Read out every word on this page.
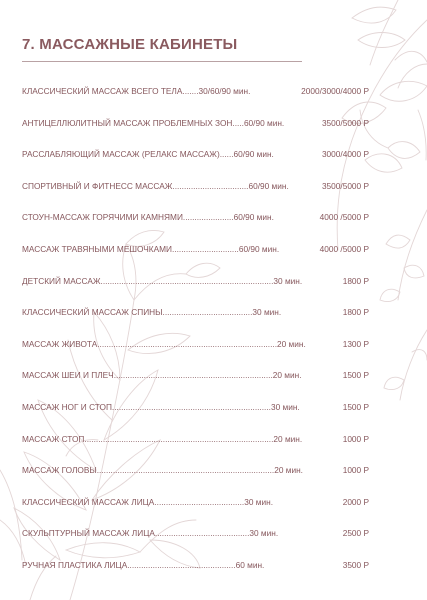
7. МАССАЖНЫЕ КАБИНЕТЫ
КЛАССИЧЕСКИЙ МАССАЖ ВСЕГО ТЕЛА.......30/60/90 мин.	2000/3000/4000 Р
АНТИЦЕЛЛЮЛИТНЫЙ МАССАЖ ПРОБЛЕМНЫХ ЗОН.....60/90 мин.	3500/5000 Р
РАССЛАБЛЯЮЩИЙ МАССАЖ (РЕЛАКС МАССАЖ)......60/90 мин.	3000/4000 Р
СПОРТИВНЫЙ И ФИТНЕСС МАССАЖ.................................60/90 мин.	3500/5000 Р
СТОУН-МАССАЖ ГОРЯЧИМИ КАМНЯМИ......................60/90 мин.	4000 /5000 Р
МАССАЖ ТРАВЯНЫМИ МЕШОЧКАМИ.............................60/90 мин.	4000 /5000 Р
ДЕТСКИЙ МАССАЖ...........................................................................30 мин.	1800 Р
КЛАССИЧЕСКИЙ МАССАЖ СПИНЫ.......................................30 мин.	1800 Р
МАССАЖ ЖИВОТА..............................................................................20 мин.	1300 Р
МАССАЖ ШЕИ И ПЛЕЧ.....................................................................20 мин.	1500 Р
МАССАЖ НОГ И СТОП.....................................................................30 мин.	1500 Р
МАССАЖ СТОП..................................................................................20 мин.	1000 Р
МАССАЖ ГОЛОВЫ.............................................................................20 мин.	1000 Р
КЛАССИЧЕСКИЙ МАССАЖ ЛИЦА.......................................30 мин.	2000 Р
СКУЛЬПТУРНЫЙ МАССАЖ ЛИЦА.........................................30 мин.	2500 Р
РУЧНАЯ ПЛАСТИКА ЛИЦА...............................................60 мин.	3500 Р
